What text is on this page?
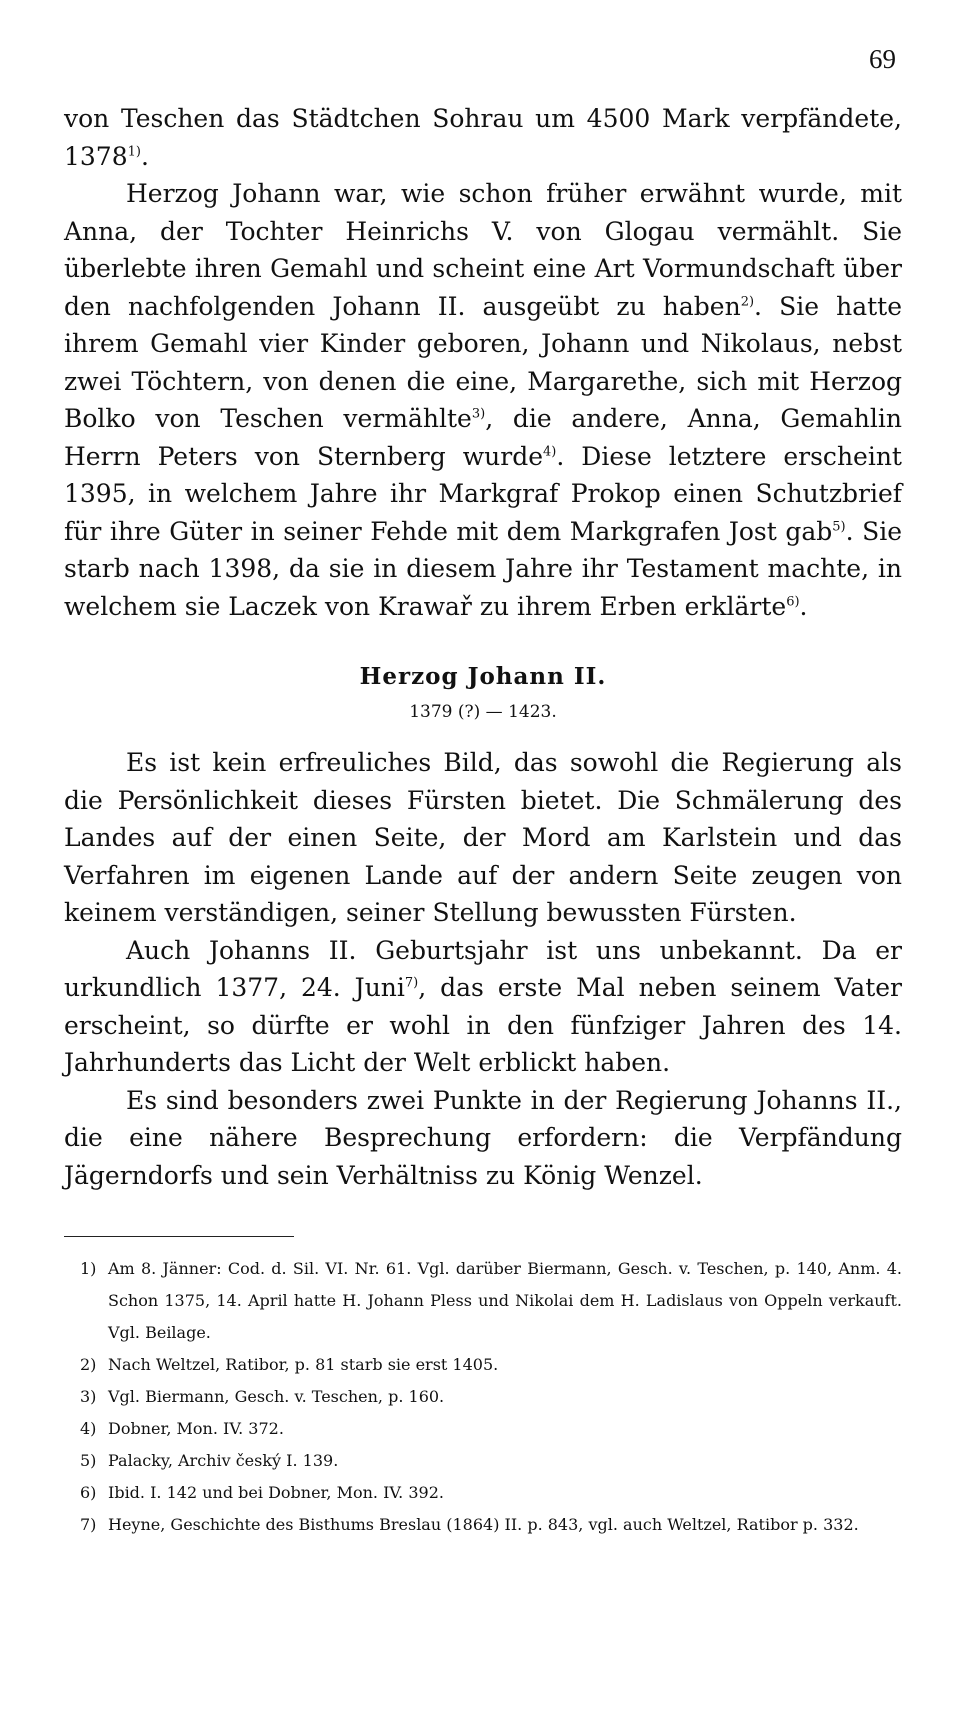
69

von Teschen das Städtchen Sohrau um 4500 Mark verpfändete, 1378$^{1)}$.

Herzog Johann war, wie schon früher erwähnt wurde, mit Anna, der Tochter Heinrichs V. von Glogau vermählt. Sie überlebte ihren Gemahl und scheint eine Art Vormundschaft über den nachfolgenden Johann II. ausgeübt zu haben$^{2)}$. Sie hatte ihrem Gemahl vier Kinder geboren, Johann und Nikolaus, nebst zwei Töchtern, von denen die eine, Margarethe, sich mit Herzog Bolko von Teschen vermählte$^{3)}$, die andere, Anna, Gemahlin Herrn Peters von Sternberg wurde$^{4)}$. Diese letztere erscheint 1395, in welchem Jahre ihr Markgraf Prokop einen Schutzbrief für ihre Güter in seiner Fehde mit dem Markgrafen Jost gab$^{5)}$. Sie starb nach 1398, da sie in diesem Jahre ihr Testament machte, in welchem sie Laczek von Krawař zu ihrem Erben erklärte$^{6)}$.

Herzog Johann II.
1379 (?) — 1423.

Es ist kein erfreuliches Bild, das sowohl die Regierung als die Persönlichkeit dieses Fürsten bietet. Die Schmälerung des Landes auf der einen Seite, der Mord am Karlstein und das Verfahren im eigenen Lande auf der andern Seite zeugen von keinem verständigen, seiner Stellung bewussten Fürsten.

Auch Johanns II. Geburtsjahr ist uns unbekannt. Da er urkundlich 1377, 24. Juni$^{7)}$, das erste Mal neben seinem Vater erscheint, so dürfte er wohl in den fünfziger Jahren des 14. Jahrhunderts das Licht der Welt erblickt haben.

Es sind besonders zwei Punkte in der Regierung Johanns II., die eine nähere Besprechung erfordern: die Verpfändung Jägerndorfs und sein Verhältniss zu König Wenzel.

1) Am 8. Jänner: Cod. d. Sil. VI. Nr. 61. Vgl. darüber Biermann, Gesch. v. Teschen, p. 140, Anm. 4. Schon 1375, 14. April hatte H. Johann Pless und Nikolai dem H. Ladislaus von Oppeln verkauft. Vgl. Beilage.
2) Nach Weltzel, Ratibor, p. 81 starb sie erst 1405.
3) Vgl. Biermann, Gesch. v. Teschen, p. 160.
4) Dobner, Mon. IV. 372.
5) Palacky, Archiv český I. 139.
6) Ibid. I. 142 und bei Dobner, Mon. IV. 392.
7) Heyne, Geschichte des Bisthums Breslau (1864) II. p. 843, vgl. auch Weltzel, Ratibor p. 332.
